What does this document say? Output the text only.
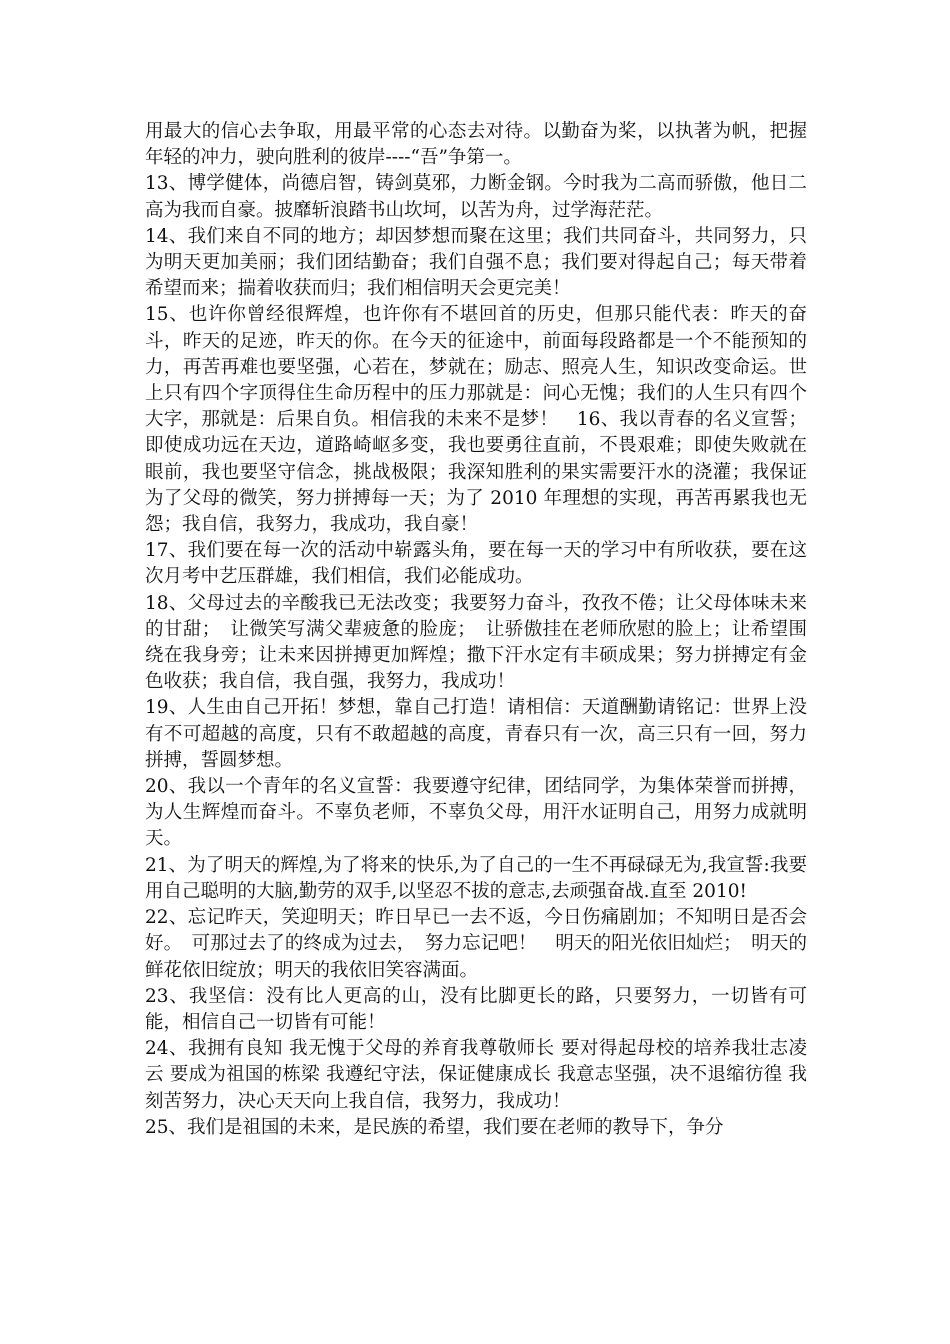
用最大的信心去争取，用最平常的心态去对待。以勤奋为桨，以执著为帆，把握年轻的冲力，驶向胜利的彼岸----“吾”争第一。

13、博学健体，尚德启智，铸剑莫邪，力断金钢。今时我为二高而骄傲，他日二高为我而自豪。披靡斩浪踏书山坎坷，以苦为舟，过学海茫茫。

14、我们来自不同的地方；却因梦想而聚在这里；我们共同奋斗，共同努力，只为明天更加美丽；我们团结勤奋；我们自强不息；我们要对得起自己；每天带着希望而来；揣着收获而归；我们相信明天会更完美！

15、也许你曾经很辉煌，也许你有不堪回首的历史，但那只能代表：昨天的奋斗，昨天的足迹，昨天的你。在今天的征途中，前面每段路都是一个不能预知的力，再苦再难也要坚强，心若在，梦就在；励志、照亮人生，知识改变命运。世上只有四个字顶得住生命历程中的压力那就是：问心无愧；我们的人生只有四个大字，那就是：后果自负。相信我的未来不是梦！　16、我以青春的名义宣誓；即使成功远在天边，道路崎岖多变，我也要勇往直前，不畏艰难；即使失败就在眼前，我也要坚守信念，挑战极限；我深知胜利的果实需要汗水的浇灌；我保证 为了父母的微笑，努力拼搏每一天；为了 2010 年理想的实现，再苦再累我也无怨；我自信，我努力，我成功，我自豪！

17、我们要在每一次的活动中崭露头角，要在每一天的学习中有所收获，要在这次月考中艺压群雄，我们相信，我们必能成功。

18、父母过去的辛酸我已无法改变；我要努力奋斗，孜孜不倦；让父母体味未来的甘甜；　让微笑写满父辈疲惫的脸庞；　让骄傲挂在老师欣慰的脸上；让希望围绕在我身旁；让未来因拼搏更加辉煌；撒下汗水定有丰硕成果；努力拼搏定有金色收获；我自信，我自强，我努力，我成功！

19、人生由自己开拓！梦想，靠自己打造！请相信：天道酬勤请铭记：世界上没有不可超越的高度，只有不敢超越的高度，青春只有一次，高三只有一回，努力拼搏，誓圆梦想。

20、我以一个青年的名义宣誓：我要遵守纪律，团结同学，为集体荣誉而拼搏，为人生辉煌而奋斗。不辜负老师，不辜负父母，用汗水证明自己，用努力成就明天。

21、为了明天的辉煌,为了将来的快乐,为了自己的一生不再碌碌无为,我宣誓:我要用自己聪明的大脑,勤劳的双手,以坚忍不拔的意志,去顽强奋战.直至 2010!

22、忘记昨天，笑迎明天；昨日早已一去不返，今日伤痛剧加；不知明日是否会好。　可那过去了的终成为过去，　努力忘记吧！　明天的阳光依旧灿烂；　明天的鲜花依旧绽放；明天的我依旧笑容满面。

23、我坚信：没有比人更高的山，没有比脚更长的路，只要努力，一切皆有可能，相信自己一切皆有可能！

24、我拥有良知 我无愧于父母的养育我尊敬师长 要对得起母校的培养我壮志凌云 要成为祖国的栋梁 我遵纪守法，保证健康成长 我意志坚强，决不退缩彷徨 我刻苦努力，决心天天向上我自信，我努力，我成功！

25、我们是祖国的未来，是民族的希望，我们要在老师的教导下，争分
